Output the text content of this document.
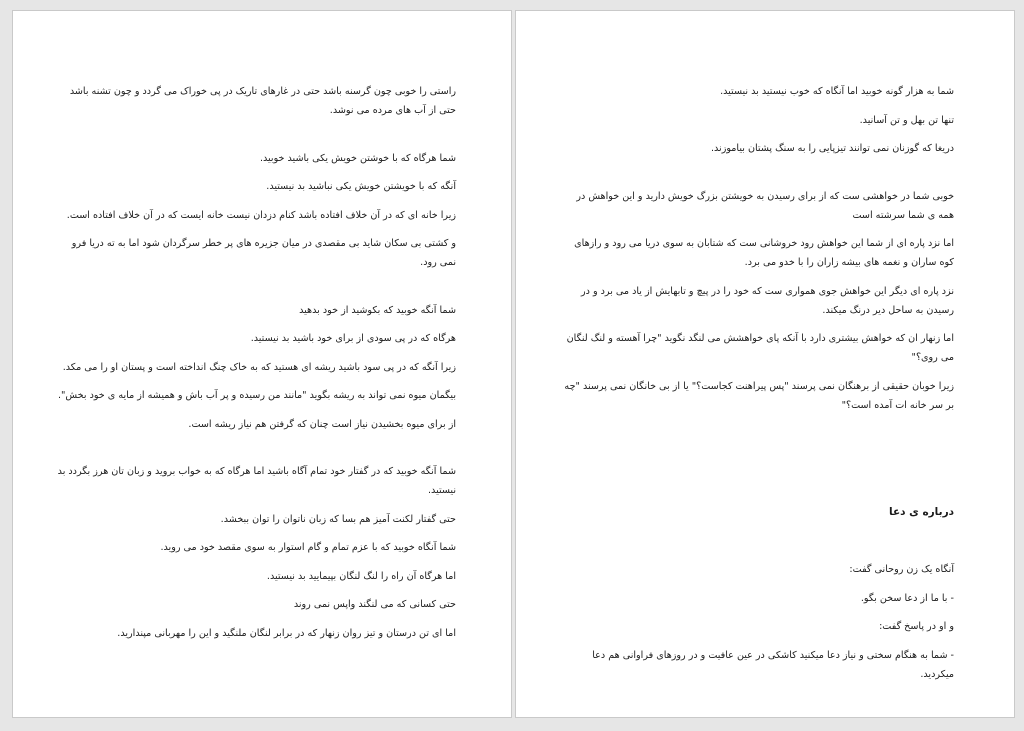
راستی را خوبی چون گرسنه باشد حتی در غارهای تاریک در پی خوراک می گردد و چون تشنه باشد حتی از آب های مرده می نوشد.

شما هرگاه که با خوشتن خویش یکی باشید خوبید.

آنگه که با خویشتن خویش یکی نباشید بد نیستید.

زیرا خانه ای که در آن خلاف افتاده باشد کنام دزدان نیست خانه ایست که در آن خلاف افتاده است.

و کشتی بی سکان شاید بی مقصدی در میان جزیره های پر خطر سرگردان شود اما به ته دریا فرو نمی رود.

شما آنگه خوبید که بکوشید از خود بدهید

هرگاه که در پی سودی از برای خود باشید بد نیستید.

زیرا آنگه که در پی سود باشید ریشه ای هستید که به خاک چنگ انداخته است و پستان او را می مکد.

بیگمان میوه نمی تواند به ریشه بگوید "مانند من رسیده و پر آب باش و همیشه از مایه ی خود بخش".

از برای میوه بخشیدن نیاز است چنان که گرفتن هم نیاز ریشه است.

شما آنگه خوبید که در گفتار خود تمام آگاه باشید اما هرگاه که به خواب بروید و زبان تان هرز بگردد بد نیستید.

حتی گفتار لکنت آمیز هم بسا که زبان ناتوان را توان ببخشد.

شما آنگاه خوبید که با عزم تمام و گام استوار به سوی مقصد خود می روید.

اما هرگاه آن راه را لنگ لنگان بپیمایید بد نیستید.

حتی کسانی که می لنگند واپس نمی روند

اما ای تن درستان و تیز روان زنهار که در برابر لنگان ملنگید و این را مهربانی مپندارید.

شما به هزار گونه خوبید اما آنگاه که خوب نیستید بد نیستید.

تنها تن بهل و تن آسانید.

دریغا که گوزنان نمی توانند تیزپایی را به سنگ پشتان بیاموزند.

خوبی شما در خواهشی ست که از برای رسیدن به خویشتن بزرگ خویش دارید و این خواهش در همه ی شما سرشته است

اما نزد پاره ای از شما این خواهش رود خروشانی ست که شتابان به سوی دریا می رود و رازهای کوه ساران و نغمه های بیشه زاران را با خدو می برد.

نزد پاره ای دیگر این خواهش جوی همواری ست که خود را در پیچ و تابهایش از یاد می برد و در رسیدن به ساحل دیر درنگ میکند.

اما زنهار ان که خواهش بیشتری دارد با آنکه پای خواهشش می لنگد نگوید "چرا آهسته و لنگ لنگان می روی؟"

زیرا خوبان حقیقی از برهنگان نمی پرسند "پس پیراهنت کجاست؟" یا از بی خانگان نمی پرسند "چه بر سر خانه ات آمده است؟"

درباره ی دعا

آنگاه یک زن روحانی گفت:

- با ما از دعا سخن بگو.

و او در پاسخ گفت:

- شما به هنگام سختی و نیاز دعا میکنید کاشکی در عین عافیت و در روزهای فراوانی هم دعا میکردید.
